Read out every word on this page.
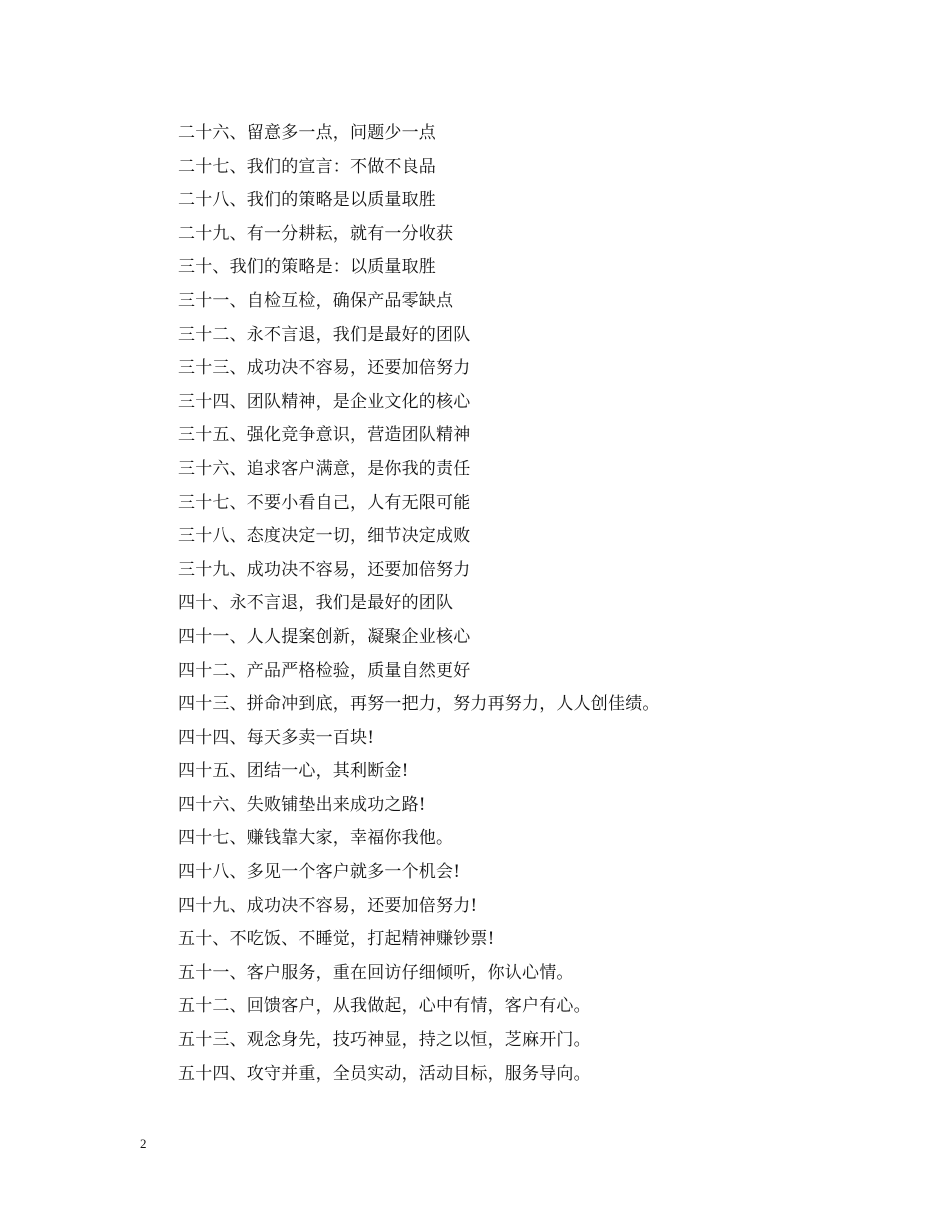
二十六、留意多一点，问题少一点
二十七、我们的宣言：不做不良品
二十八、我们的策略是以质量取胜
二十九、有一分耕耘，就有一分收获
三十、我们的策略是：以质量取胜
三十一、自检互检，确保产品零缺点
三十二、永不言退，我们是最好的团队
三十三、成功决不容易，还要加倍努力
三十四、团队精神，是企业文化的核心
三十五、强化竞争意识，营造团队精神
三十六、追求客户满意，是你我的责任
三十七、不要小看自己，人有无限可能
三十八、态度决定一切，细节决定成败
三十九、成功决不容易，还要加倍努力
四十、永不言退，我们是最好的团队
四十一、人人提案创新，凝聚企业核心
四十二、产品严格检验，质量自然更好
四十三、拼命冲到底，再努一把力，努力再努力，人人创佳绩。
四十四、每天多卖一百块!
四十五、团结一心，其利断金!
四十六、失败铺垫出来成功之路!
四十七、赚钱靠大家，幸福你我他。
四十八、多见一个客户就多一个机会!
四十九、成功决不容易，还要加倍努力!
五十、不吃饭、不睡觉，打起精神赚钞票!
五十一、客户服务，重在回访仔细倾听，你认心情。
五十二、回馈客户，从我做起，心中有情，客户有心。
五十三、观念身先，技巧神显，持之以恒，芝麻开门。
五十四、攻守并重，全员实动，活动目标，服务导向。
2
